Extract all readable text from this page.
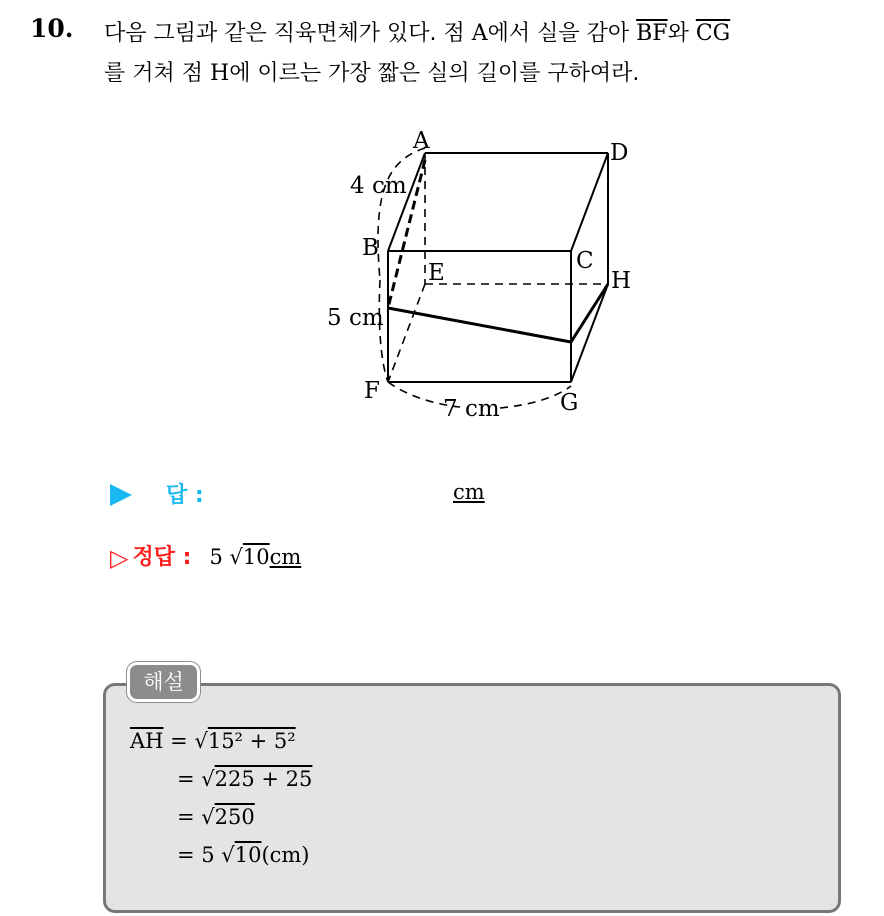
10. 다음 그림과 같은 직육면체가 있다. 점 A에서 실을 감아 $\overline{BF}$와 $\overline{CG}$
를 거쳐 점 H에 이르는 가장 짧은 실의 길이를 구하여라.
A	D
B	C
E	H
F	G
4 cm
5 cm
7 cm
답 :	cm
▷ 정답 : 5 √10cm
해설
$\overline{AH} = √15^2 + 5^2$
= √225 + 25
= √250
= 5 √10(cm)
